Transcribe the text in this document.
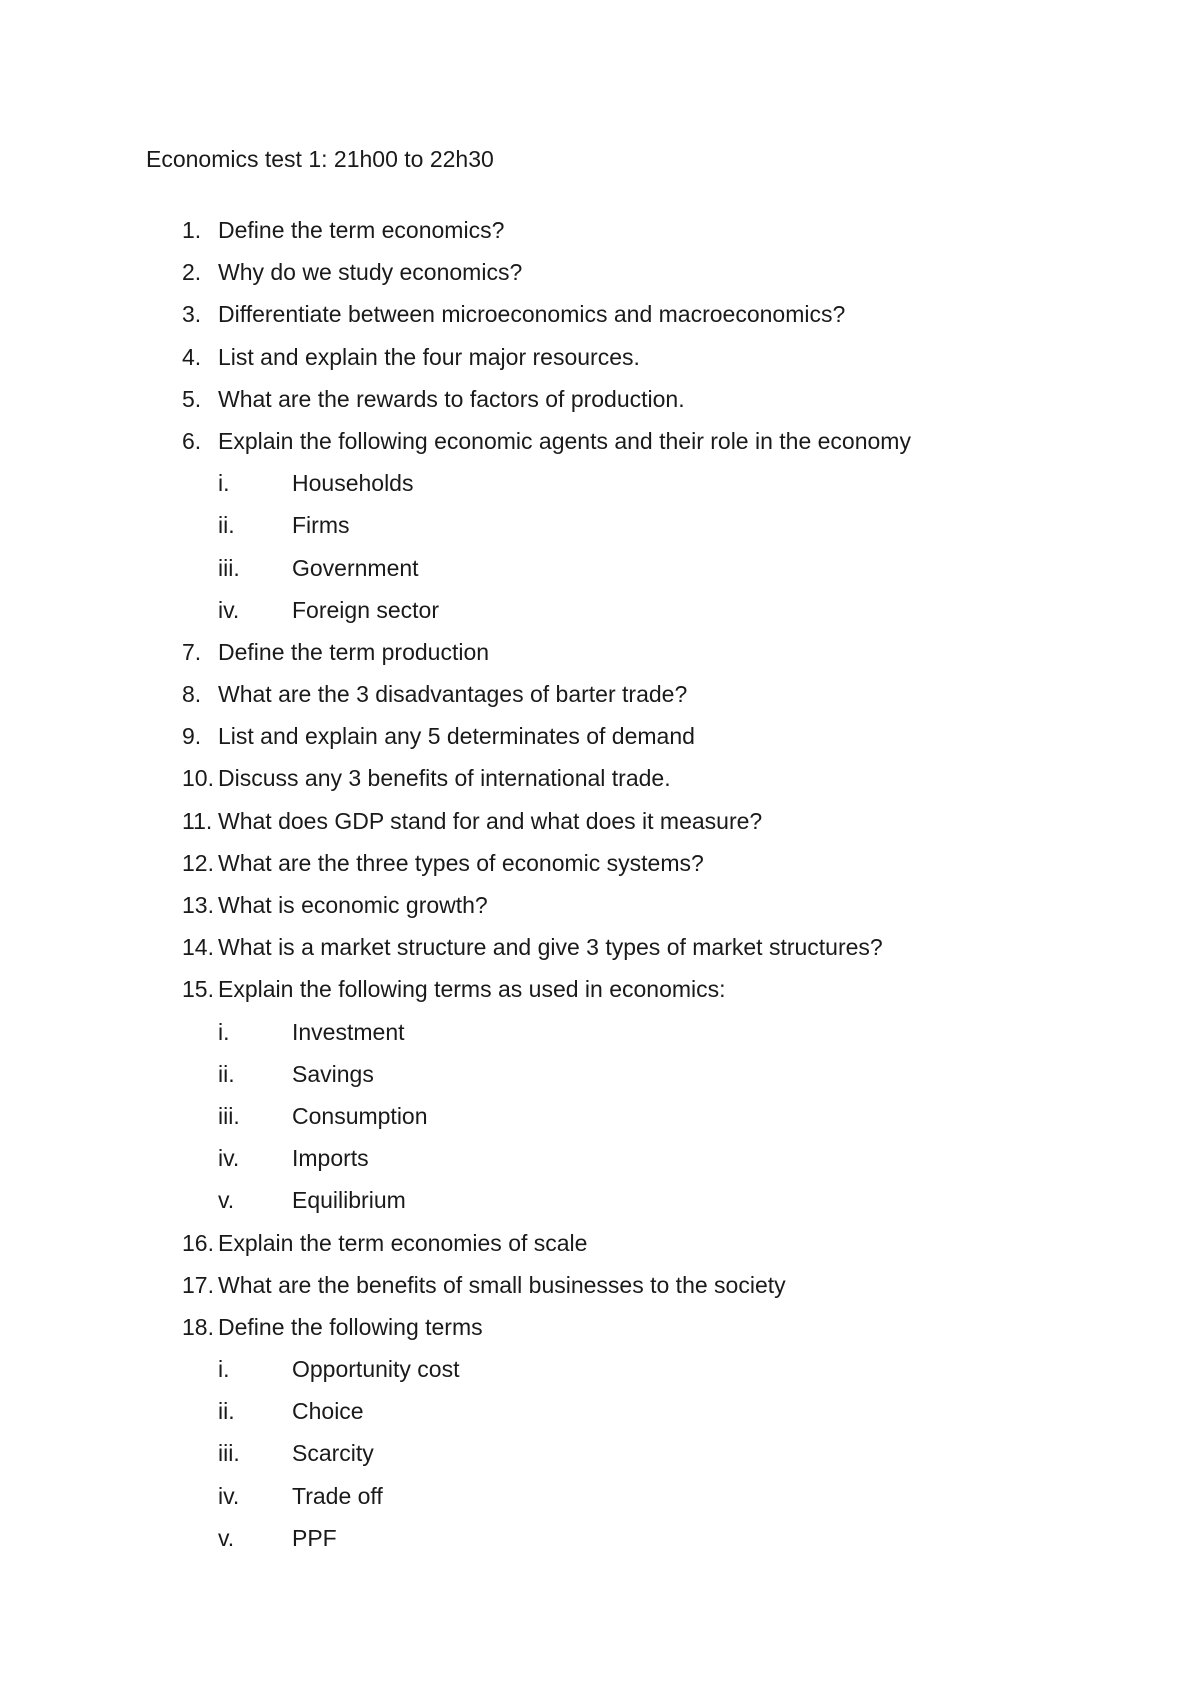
Economics test 1: 21h00 to 22h30
1. Define the term economics?
2. Why do we study economics?
3. Differentiate between microeconomics and macroeconomics?
4. List and explain the four major resources.
5. What are the rewards to factors of production.
6. Explain the following economic agents and their role in the economy
i.	Households
ii. Firms
iii. Government
iv. Foreign sector
7. Define the term production
8. What are the 3 disadvantages of barter trade?
9. List and explain any 5 determinates of demand
10. Discuss any 3 benefits of international trade.
11. What does GDP stand for and what does it measure?
12. What are the three types of economic systems?
13. What is economic growth?
14. What is a market structure and give 3 types of market structures?
15. Explain the following terms as used in economics:
i.	Investment
ii. Savings
iii. Consumption
iv. Imports
v.	Equilibrium
16. Explain the term economies of scale
17. What are the benefits of small businesses to the society
18. Define the following terms
i.	Opportunity cost
ii. Choice
iii. Scarcity
iv. Trade off
v.	PPF
